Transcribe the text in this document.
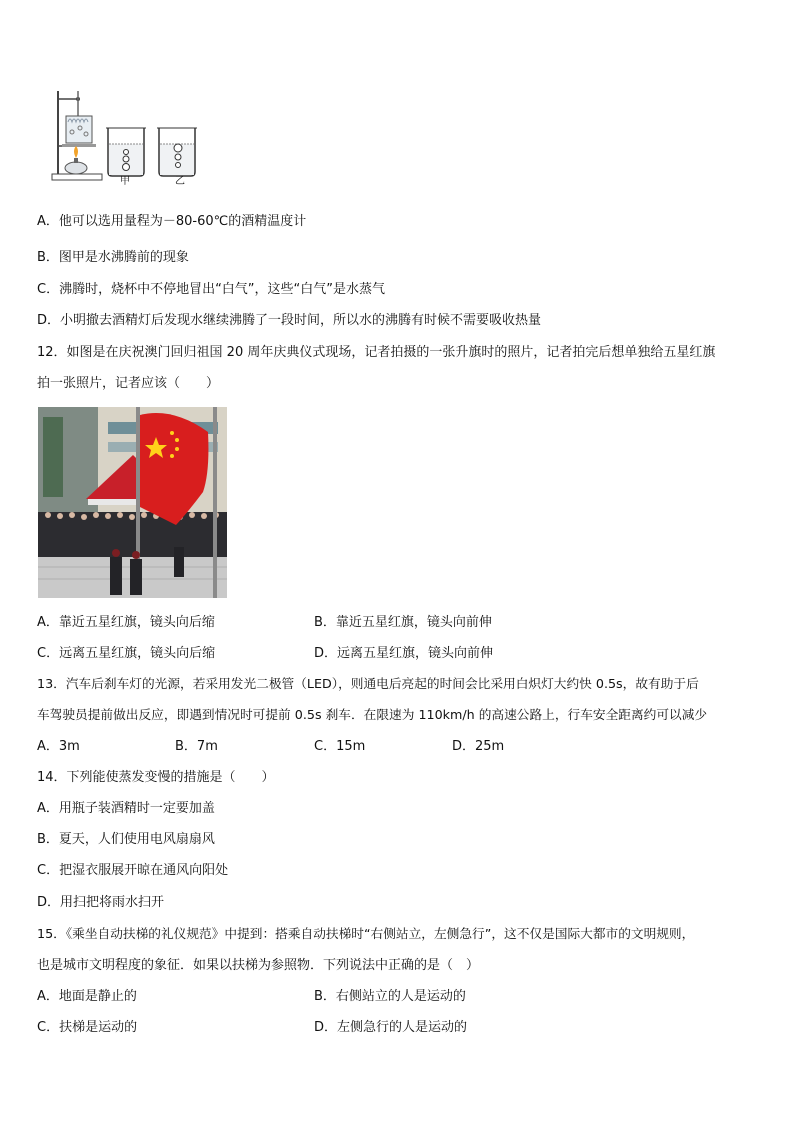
甲	乙
A．他可以选用量程为－80-60℃的酒精温度计
B．图甲是水沸腾前的现象
C．沸腾时，烧杯中不停地冒出“白气”，这些“白气”是水蒸气
D．小明撤去酒精灯后发现水继续沸腾了一段时间，所以水的沸腾有时候不需要吸收热量
12．如图是在庆祝澳门回归祖国 20 周年庆典仪式现场，记者拍摄的一张升旗时的照片，记者拍完后想单独给五星红旗
拍一张照片，记者应该（　　）
A．靠近五星红旗，镜头向后缩	B．靠近五星红旗，镜头向前伸
C．远离五星红旗，镜头向后缩	D．远离五星红旗，镜头向前伸
13．汽车后刹车灯的光源，若采用发光二极管（LED），则通电后亮起的时间会比采用白炽灯大约快 0.5s，故有助于后
车驾驶员提前做出反应，即遇到情况时可提前 0.5s 刹车．在限速为 110km/h 的高速公路上，行车安全距离约可以减少
A．3m	B．7m	C．15m	D．25m
14．下列能使蒸发变慢的措施是（　　）
A．用瓶子装酒精时一定要加盖
B．夏天，人们使用电风扇扇风
C．把湿衣服展开晾在通风向阳处
D．用扫把将雨水扫开
15．《乘坐自动扶梯的礼仪规范》中提到：搭乘自动扶梯时“右侧站立，左侧急行”，这不仅是国际大都市的文明规则，
也是城市文明程度的象征．如果以扶梯为参照物．下列说法中正确的是（　）
A．地面是静止的	B．右侧站立的人是运动的
C．扶梯是运动的	D．左侧急行的人是运动的
